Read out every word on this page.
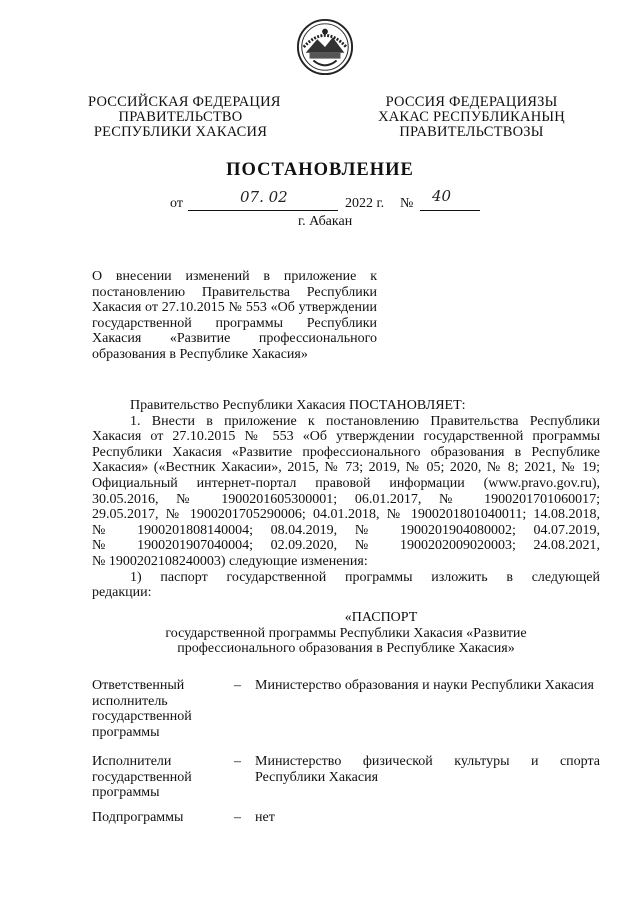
РОССИЙСКАЯ ФЕДЕРАЦИЯ
ПРАВИТЕЛЬСТВО
РЕСПУБЛИКИ ХАКАСИЯ
РОССИЯ ФЕДЕРАЦИЯЗЫ
ХАКАС РЕСПУБЛИКАНЫҢ
ПРАВИТЕЛЬСТВОЗЫ
ПОСТАНОВЛЕНИЕ
от	07. 02	2022 г. № 40
г. Абакан
О внесении изменений в приложение к
постановлению Правительства Республики
Хакасия от 27.10.2015 № 553 «Об утверждении
государственной программы Республики
Хакасия «Развитие профессионального
образования в Республике Хакасия»
Правительство Республики Хакасия ПОСТАНОВЛЯЕТ:
1. Внести в приложение к постановлению Правительства Республики
Хакасия от 27.10.2015 № 553 «Об утверждении государственной программы
Республики Хакасия «Развитие профессионального образования в Республике
Хакасия» («Вестник Хакасии», 2015, № 73; 2019, № 05; 2020, № 8; 2021, № 19;
Официальный интернет-портал правовой информации (www.pravo.gov.ru),
30.05.2016, № 1900201605300001; 06.01.2017, № 1900201701060017;
29.05.2017, № 1900201705290006; 04.01.2018, № 1900201801040011; 14.08.2018,
№ 1900201808140004; 08.04.2019, № 1900201904080002; 04.07.2019,
№ 1900201907040004; 02.09.2020, № 1900202009020003; 24.08.2021,
№ 1900202108240003) следующие изменения:
1) паспорт государственной программы изложить в следующей
редакции:
«ПАСПОРТ
государственной программы Республики Хакасия «Развитие
профессионального образования в Республике Хакасия»
Ответственный
исполнитель
государственной
программы
– Министерство образования и науки Республики Хакасия
Исполнители
государственной
программы
– Министерство физической культуры и спорта
Республики Хакасия
Подпрограммы	– нет
